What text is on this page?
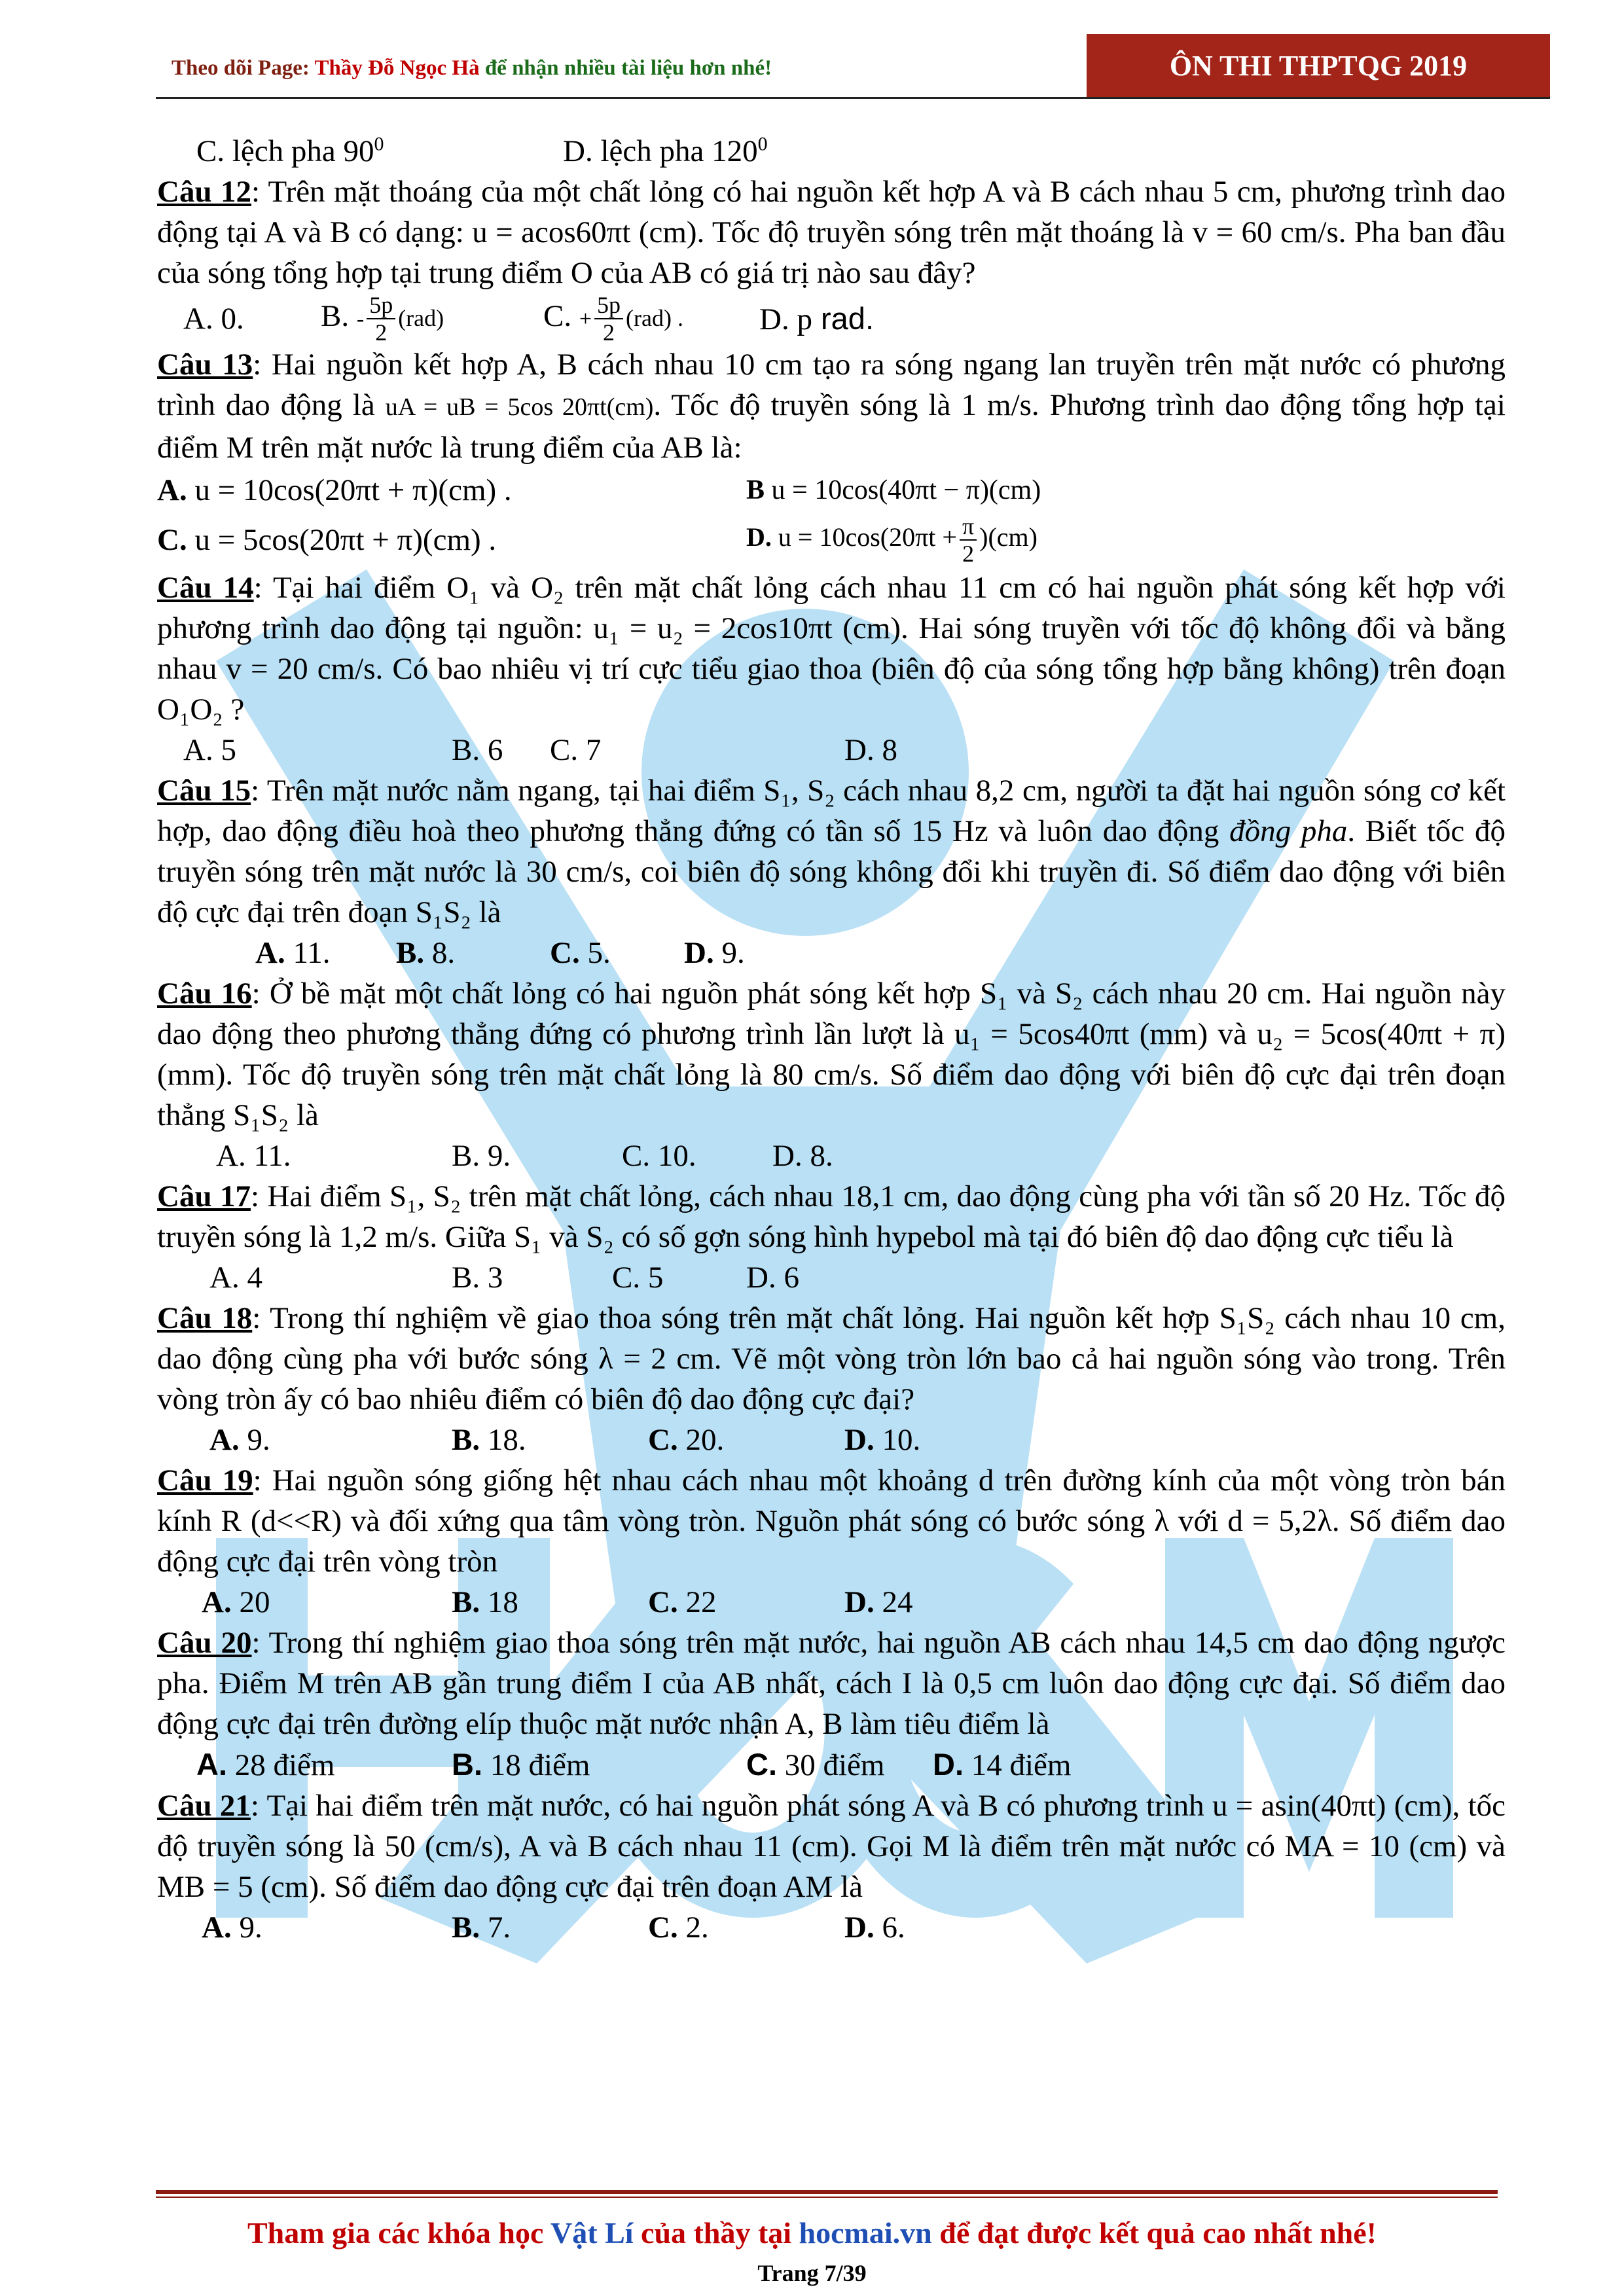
Theo dõi Page: Thầy Đỗ Ngọc Hà để nhận nhiều tài liệu hơn nhé!	ÔN THI THPTQG 2019
C. lệch pha $90^0$	D. lệch pha $120^0$

Câu 12: Trên mặt thoáng của một chất lỏng có hai nguồn kết hợp A và B cách nhau 5 cm, phương trình dao động tại A và B có dạng: u = acos60πt (cm). Tốc độ truyền sóng trên mặt thoáng là v = 60 cm/s. Pha ban đầu của sóng tổng hợp tại trung điểm O của AB có giá trị nào sau đây?

A. 0.	B. - $\frac{5p}{2} (rad)$	C. + $\frac{5p}{2} (rad)$ .	D. p rad.

Câu 13: Hai nguồn kết hợp A, B cách nhau 10 cm tạo ra sóng ngang lan truyền trên mặt nước có phương trình dao động là uA = uB = 5cos 20πt(cm). Tốc độ truyền sóng là 1 m/s. Phương trình dao động tổng hợp tại điểm M trên mặt nước là trung điểm của AB là:

A. u = 10cos(20πt + π)(cm) .	B u = 10cos(40πt − π)(cm)
C. u = 5cos(20πt + π)(cm) .	D. $u = 10\cos(20\pi t + \frac{\pi}{2} )(cm)$

Câu 14: Tại hai điểm O₁ và O₂ trên mặt chất lỏng cách nhau 11 cm có hai nguồn phát sóng kết hợp với phương trình dao động tại nguồn: u₁ = u₂ = 2cos10πt (cm). Hai sóng truyền với tốc độ không đổi và bằng nhau v = 20 cm/s. Có bao nhiêu vị trí cực tiểu giao thoa (biên độ của sóng tổng hợp bằng không) trên đoạn O₁O₂ ?

A. 5	B. 6	C. 7	D. 8

Câu 15: Trên mặt nước nằm ngang, tại hai điểm S₁, S₂ cách nhau 8,2 cm, người ta đặt hai nguồn sóng cơ kết hợp, dao động điều hoà theo phương thẳng đứng có tần số 15 Hz và luôn dao động đồng pha. Biết tốc độ truyền sóng trên mặt nước là 30 cm/s, coi biên độ sóng không đổi khi truyền đi. Số điểm dao động với biên độ cực đại trên đoạn S₁S₂ là

A. 11.	B. 8.	C. 5.	D. 9.

Câu 16: Ở bề mặt một chất lỏng có hai nguồn phát sóng kết hợp S₁ và S₂ cách nhau 20 cm. Hai nguồn này dao động theo phương thẳng đứng có phương trình lần lượt là u₁ = 5cos40πt (mm) và u₂ = 5cos(40πt + π) (mm). Tốc độ truyền sóng trên mặt chất lỏng là 80 cm/s. Số điểm dao động với biên độ cực đại trên đoạn thẳng S₁S₂ là

A. 11.	B. 9.	C. 10.	D. 8.

Câu 17: Hai điểm S₁, S₂ trên mặt chất lỏng, cách nhau 18,1 cm, dao động cùng pha với tần số 20 Hz. Tốc độ truyền sóng là 1,2 m/s. Giữa S₁ và S₂ có số gợn sóng hình hypebol mà tại đó biên độ dao động cực tiểu là

A. 4	B. 3	C. 5	D. 6

Câu 18: Trong thí nghiệm về giao thoa sóng trên mặt chất lỏng. Hai nguồn kết hợp S₁S₂ cách nhau 10 cm, dao động cùng pha với bước sóng λ = 2 cm. Vẽ một vòng tròn lớn bao cả hai nguồn sóng vào trong. Trên vòng tròn ấy có bao nhiêu điểm có biên độ dao động cực đại?

A. 9.	B. 18.	C. 20.	D. 10.

Câu 19: Hai nguồn sóng giống hệt nhau cách nhau một khoảng d trên đường kính của một vòng tròn bán kính R (d<<R) và đối xứng qua tâm vòng tròn. Nguồn phát sóng có bước sóng λ với d = 5,2λ. Số điểm dao động cực đại trên vòng tròn

A. 20	B. 18	C. 22	D. 24

Câu 20: Trong thí nghiệm giao thoa sóng trên mặt nước, hai nguồn AB cách nhau 14,5 cm dao động ngược pha. Điểm M trên AB gần trung điểm I của AB nhất, cách I là 0,5 cm luôn dao động cực đại. Số điểm dao động cực đại trên đường elíp thuộc mặt nước nhận A, B làm tiêu điểm là

A. 28 điểm	B. 18 điểm	C. 30 điểm	D. 14 điểm

Câu 21: Tại hai điểm trên mặt nước, có hai nguồn phát sóng A và B có phương trình u = asin(40πt) (cm), tốc độ truyền sóng là 50 (cm/s), A và B cách nhau 11 (cm). Gọi M là điểm trên mặt nước có MA = 10 (cm) và MB = 5 (cm). Số điểm dao động cực đại trên đoạn AM là

A. 9.	B. 7.	C. 2.	D. 6.
Tham gia các khóa học Vật Lí của thầy tại hocmai.vn để đạt được kết quả cao nhất nhé!
Trang 7/39
